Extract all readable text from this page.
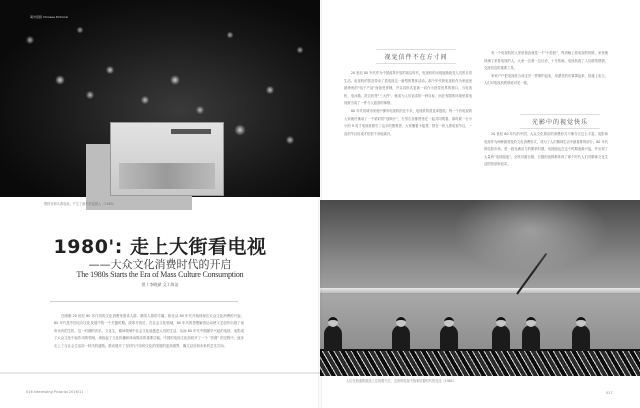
海外回顾 Chinese Pictorial
围挤在街头看电视，产生了最早的追剧人（1980）
1980': 走上大街看电视
——大众文化消费时代的开启
The 1980s Starts the Era of Mass Culture Consumption
图 / 李晓斌 文 / 陈洁
在刚刚 20 世纪 80 年代初的文化消费里看来人群、精英人群的专属。相比从 80 年代开始到现在大众文化消费的兴起，80 年代是中国走向文化发展中的一个关键时期。改革开放后，在社会文化领域，80 年代的思想解放运动使文艺创作出现了前所未有的生机，这一时期的音乐、文化生，精神领域中社会文化渗透进人们的生活，从而 80 年代中期最早兴起的电视，电影成了大众文化中起作用的领域，承担起了文化传播和休闲娱乐的重要功能。中国的电视文化如同开了一个 "首窗" 的过程中，逐步走上了与社会生活同一时代的道路。推动展开了在时代中各种文化的发展的更高境界，确立以后和未来的艺术方向。
016 Interesting Pictorial 2016/11
视觉信件不在方寸间

20 世纪 80 年代作为中国改革开放的前沿时代，电视机的出现逐渐改变人们的日常生活。电视机的普及带动了看电视这一新型的集体活动。那个年代的电视机作为家庭里最珍贵的"电子产品"而备受青睐，并以其形式更新一切作为视觉世界的窗口，当电视机、电冰箱、洗衣机等"三大件"，就成为人们追求的一种目标，而在有限的环境里看电视被当成了一件令人振奋的事情。

80 年代初城市家庭中拥有电视机的还不多，电视机的普及率很低。每一个有电视的人家就仿佛成了一个临时的"放映厅"，左邻右舍都围坐在一起共同观看。那时候一台小小的 9 英寸电视机吸引了众多的围观者，大家搬着小板凳，挤在一块儿看电视节目，一直到节目结束才依依不舍地离开。

有一个电视机的人家里简直就是一个"小影院"，每到晚上看电视的时候，家里就挤满了来看电视的人，大家一边看一边议论，十分热闹。电视机成了人们联络感情、交流信息的重要工具。

家家户户把电视机当成宝贝一样保护起来，用漂亮的布罩罩起来，怕落上灰尘，人们对电视机的珍爱可见一斑。

光影中的视觉快乐

20 世纪 80 年代的中国，大众文化娱乐的消费形式不像今天这么丰富。电影和电视作为两种最普及的文化消费形式，成为了人们精神生活中最重要的部分。80 年代的电影市场，是一段充满活力的繁荣时期，电视剧也在这个时期逐渐兴起，并出现了大量的"电视剧迷"。全民对港台剧、日剧的追捧都体现了那个时代人们对精神文化生活的热爱和追求。

人们在街道的屋顶上注视着天空，这里的电视天线象征着时代的变迁（1981）
017
